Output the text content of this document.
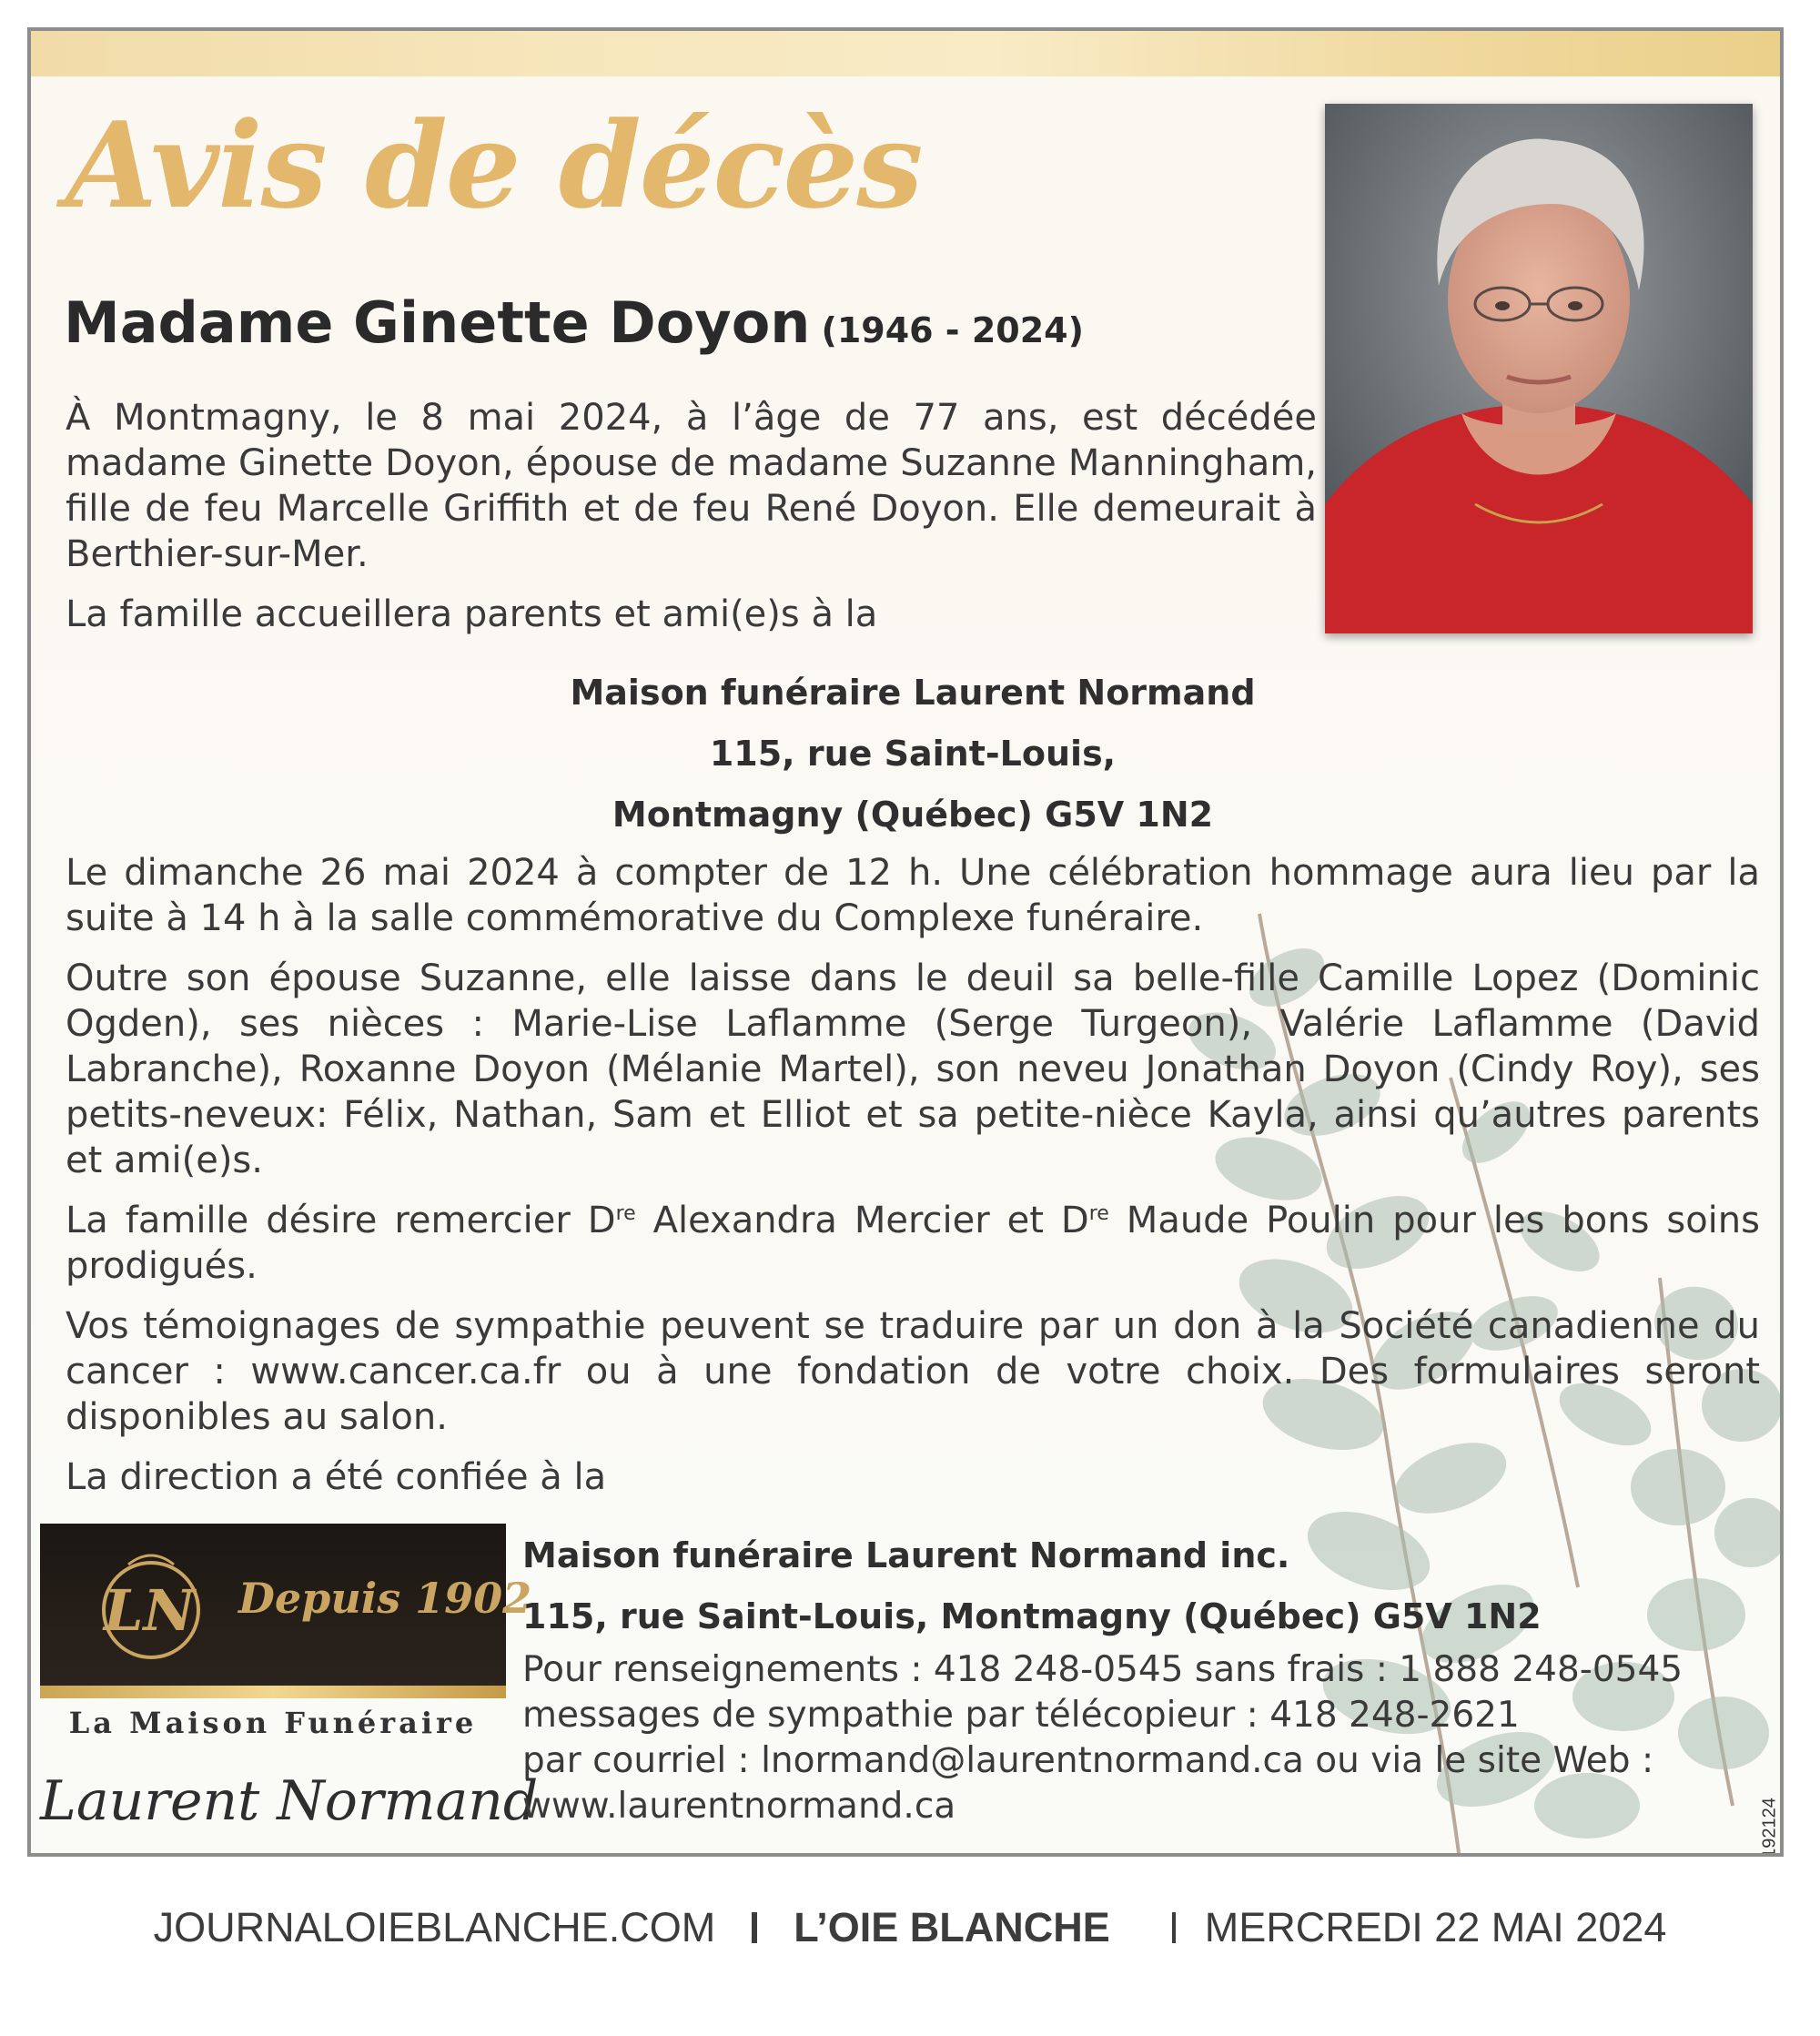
Avis de décès

Madame Ginette Doyon (1946 - 2024)

À Montmagny, le 8 mai 2024, à l’âge de 77 ans, est décédée madame Ginette Doyon, épouse de madame Suzanne Manningham, fille de feu Marcelle Griffith et de feu René Doyon. Elle demeurait à Berthier-sur-Mer.

La famille accueillera parents et ami(e)s à la

Maison funéraire Laurent Normand
115, rue Saint-Louis,
Montmagny (Québec) G5V 1N2

Le dimanche 26 mai 2024 à compter de 12 h. Une célébration hommage aura lieu par la suite à 14 h à la salle commémorative du Complexe funéraire.

Outre son épouse Suzanne, elle laisse dans le deuil sa belle-fille Camille Lopez (Dominic Ogden), ses nièces : Marie-Lise Laflamme (Serge Turgeon), Valérie Laflamme (David Labranche), Roxanne Doyon (Mélanie Martel), son neveu Jonathan Doyon (Cindy Roy), ses petits-neveux: Félix, Nathan, Sam et Elliot et sa petite-nièce Kayla, ainsi qu’autres parents et ami(e)s.

La famille désire remercier Dre Alexandra Mercier et Dre Maude Poulin pour les bons soins prodigués.

Vos témoignages de sympathie peuvent se traduire par un don à la Société canadienne du cancer : www.cancer.ca.fr ou à une fondation de votre choix. Des formulaires seront disponibles au salon.

La direction a été confiée à la

LN Depuis 1902

La Maison Funéraire

Laurent Normand

Maison funéraire Laurent Normand inc.
115, rue Saint-Louis, Montmagny (Québec) G5V 1N2
Pour renseignements : 418 248-0545 sans frais : 1 888 248-0545
messages de sympathie par télécopieur : 418 248-2621
par courriel : lnormand@laurentnormand.ca ou via le site Web :
www.laurentnormand.ca	2192124
JOURNALOIEBLANCHE.COM L’OIE BLANCHE MERCREDI 22 MAI 2024
